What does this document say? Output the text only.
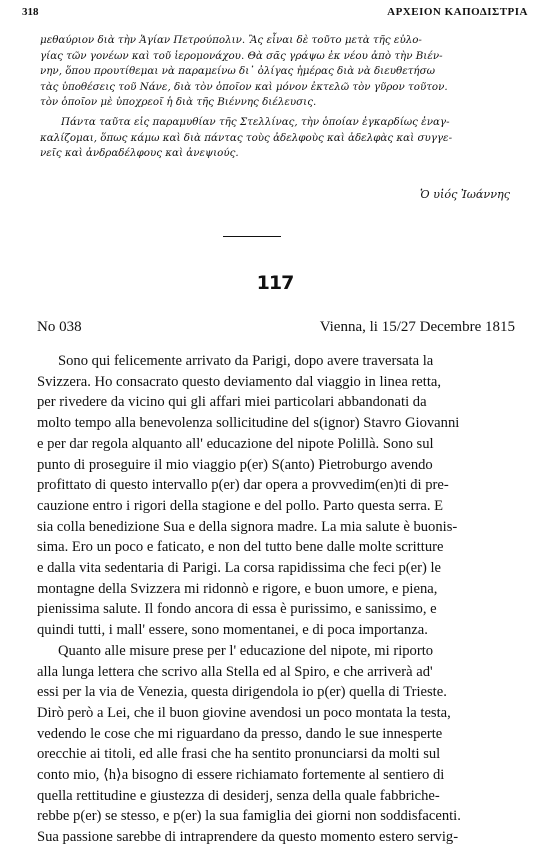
318	ΑΡΧΕΙΟΝ ΚΑΠΟΔΙΣΤΡΙΑ
μεθαύριον διὰ τὴν Ἁγίαν Πετρούπολιν. Ἂς εἶναι δὲ τοῦτο μετὰ τῆς εὐλο-
γίας τῶν γονέων καὶ τοῦ ἱερομονάχου. Θὰ σᾶς γράψω ἐκ νέου ἀπὸ τὴν Βιέν-
νην, ὅπου προυτίθεμαι νὰ παραμείνω δι᾽ ὀλίγας ἡμέρας διὰ νὰ διευθετήσω
τὰς ὑποθέσεις τοῦ Νάνε, διὰ τὸν ὁποῖον καὶ μόνον ἐκτελῶ τὸν γῦρον τοῦτον.
τὸν ὁποῖον μὲ ὑποχρεοῖ ἡ διὰ τῆς Βιέννης διέλευσις.
Πάντα ταῦτα εἰς παραμυθίαν τῆς Στελλίνας, τὴν ὁποίαν ἐγκαρδίως ἐναγ-
καλίζομαι, ὅπως κάμω καὶ διὰ πάντας τοὺς ἀδελφοὺς καὶ ἀδελφὰς καὶ συγγε-
νεῖς καὶ ἀνδραδέλφους καὶ ἀνεψιούς.
Ὁ υἱός Ἰωάννης
117
No 038	Vienna, li 15/27 Decembre 1815
Sono qui felicemente arrivato da Parigi, dopo avere traversata la
Svizzera. Ho consacrato questo deviamento dal viaggio in linea retta,
per rivedere da vicino qui gli affari miei particolari abbandonati da
molto tempo alla benevolenza sollicitudine del s(ignor) Stavro Giovanni
e per dar regola alquanto all' educazione del nipote Polillà. Sono sul
punto di proseguire il mio viaggio p(er) S(anto) Pietroburgo avendo
profittato di questo intervallo p(er) dar opera a provvedim(en)ti di pre-
cauzione entro i rigori della stagione e del pollo. Parto questa serra. E
sia colla benedizione Sua e della signora madre. La mia salute è buonis-
sima. Ero un poco e faticato, e non del tutto bene dalle molte scritture
e dalla vita sedentaria di Parigi. La corsa rapidissima che feci p(er) le
montagne della Svizzera mi ridonnò e rigore, e buon umore, e piena,
pienissima salute. Il fondo ancora di essa è purissimo, e sanissimo, e
quindi tutti, i mall' essere, sono momentanei, e di poca importanza.
Quanto alle misure prese per l' educazione del nipote, mi riporto
alla lunga lettera che scrivo alla Stella ed al Spiro, e che arriverà ad'
essi per la via de Venezia, questa dirigendola io p(er) quella di Trieste.
Dirò però a Lei, che il buon giovine avendosi un poco montata la testa,
vedendo le cose che mi riguardano da presso, dando le sue innesperte
orecchie ai titoli, ed alle frasi che ha sentito pronunciarsi da molti sul
conto mio, ⟨h⟩a bisogno di essere richiamato fortemente al sentiero di
quella rettitudine e giustezza di desiderj, senza della quale fabbriche-
rebbe p(er) se stesso, e p(er) la sua famiglia dei giorni non soddisfacenti.
Sua passione sarebbe di intraprendere da questo momento estero servig-
